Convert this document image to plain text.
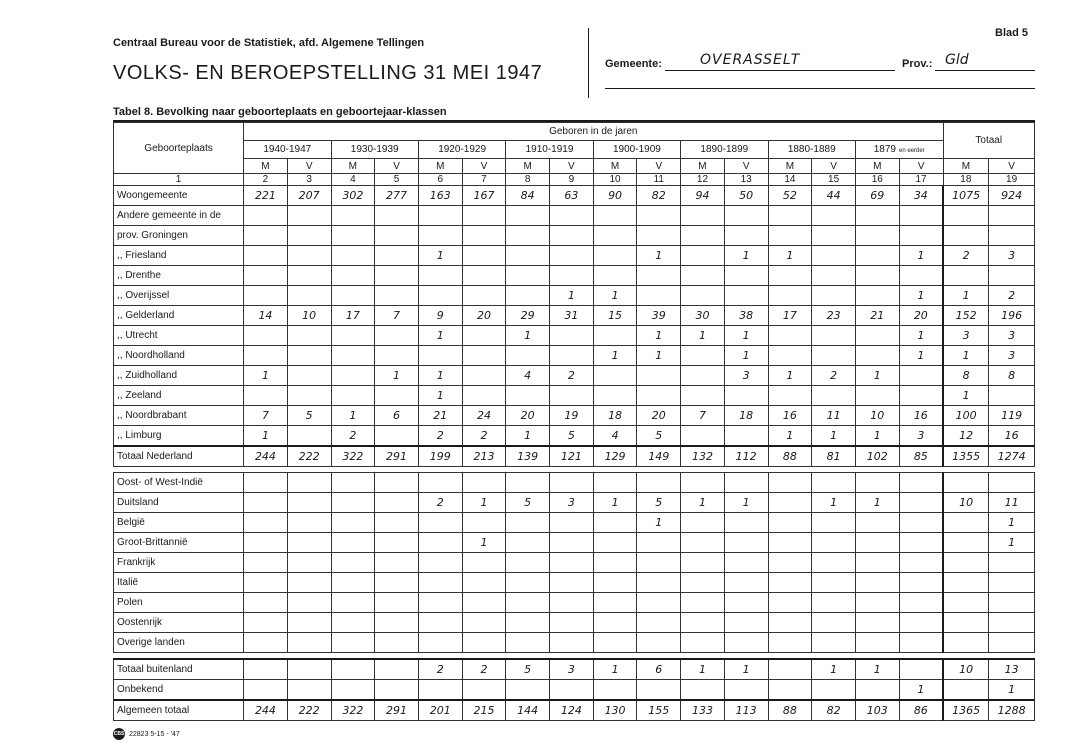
Centraal Bureau voor de Statistiek, afd. Algemene Tellingen
VOLKS- EN BEROEPSTELLING 31 MEI 1947
Blad 5
Gemeente:	OVERASSELT	Prov.: Gld
Tabel 8. Bevolking naar geboorteplaats en geboortejaar-klassen
Geboorteplaats	Geboren in de jaren																Totaal	
	1940-1947		1930-1939		1920-1929		1910-1919		1900-1909		1890-1899		1880-1889		1879 en eerder			
	M	V	M	V	M	V	M	V	M	V	M	V	M	V	M	V	M	V
1	2	3	4	5	6	7	8	9	10	11	12	13	14	15	16	17	18	19
Woongemeente	221	207	302	277	163	167	84	63	90	82	94	50	52	44	69	34	1075	924
Andere gemeente in de																		
prov. Groningen																		
,, Friesland					1					1		1	1			1	2	3
,, Drenthe																		
,, Overijssel								1	1							1	1	2
,, Gelderland	14	10	17	7	9	20	29	31	15	39	30	38	17	23	21	20	152	196
,, Utrecht					1		1			1	1	1				1	3	3
,, Noordholland									1	1		1				1	1	3
,, Zuidholland	1			1	1		4	2				3	1	2	1		8	8
,, Zeeland					1												1	
,, Noordbrabant	7	5	1	6	21	24	20	19	18	20	7	18	16	11	10	16	100	119
,, Limburg	1		2		2	2	1	5	4	5			1	1	1	3	12	16
Totaal Nederland	244	222	322	291	199	213	139	121	129	149	132	112	88	81	102	85	1355	1274

Oost- of West-Indië																		
Duitsland					2	1	5	3	1	5	1	1		1	1		10	11
België										1								1
Groot-Brittannië						1												1
Frankrijk																		
Italië																		
Polen																		
Oostenrijk																		
Overige landen																		

Totaal buitenland					2	2	5	3	1	6	1	1		1	1		10	13
Onbekend																1		1
Algemeen totaal	244	222	322	291	201	215	144	124	130	155	133	113	88	82	103	86	1365	1288
CBS 22823 5-15 - '47
